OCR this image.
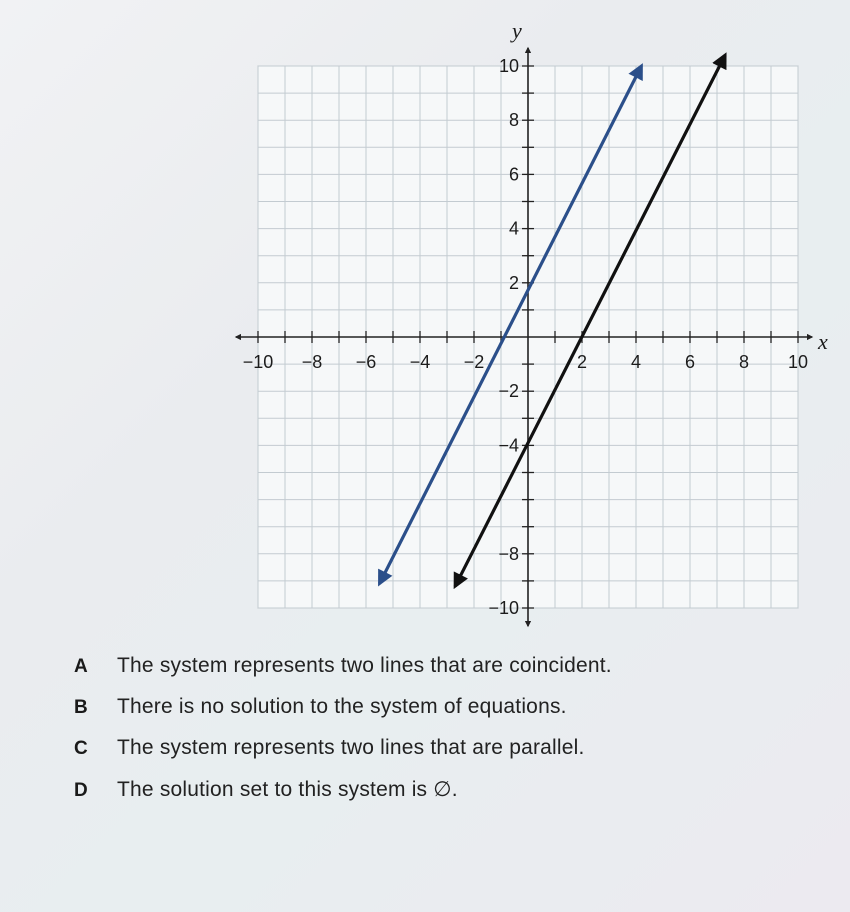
−10 −8 −6 −4 −2	2 4 6 8 10
10
8
6
4
2
−2
−4
−8
−10
x
y
A	The system represents two lines that are coincident.
B	There is no solution to the system of equations.
C	The system represents two lines that are parallel.
D	The solution set to this system is ∅.
